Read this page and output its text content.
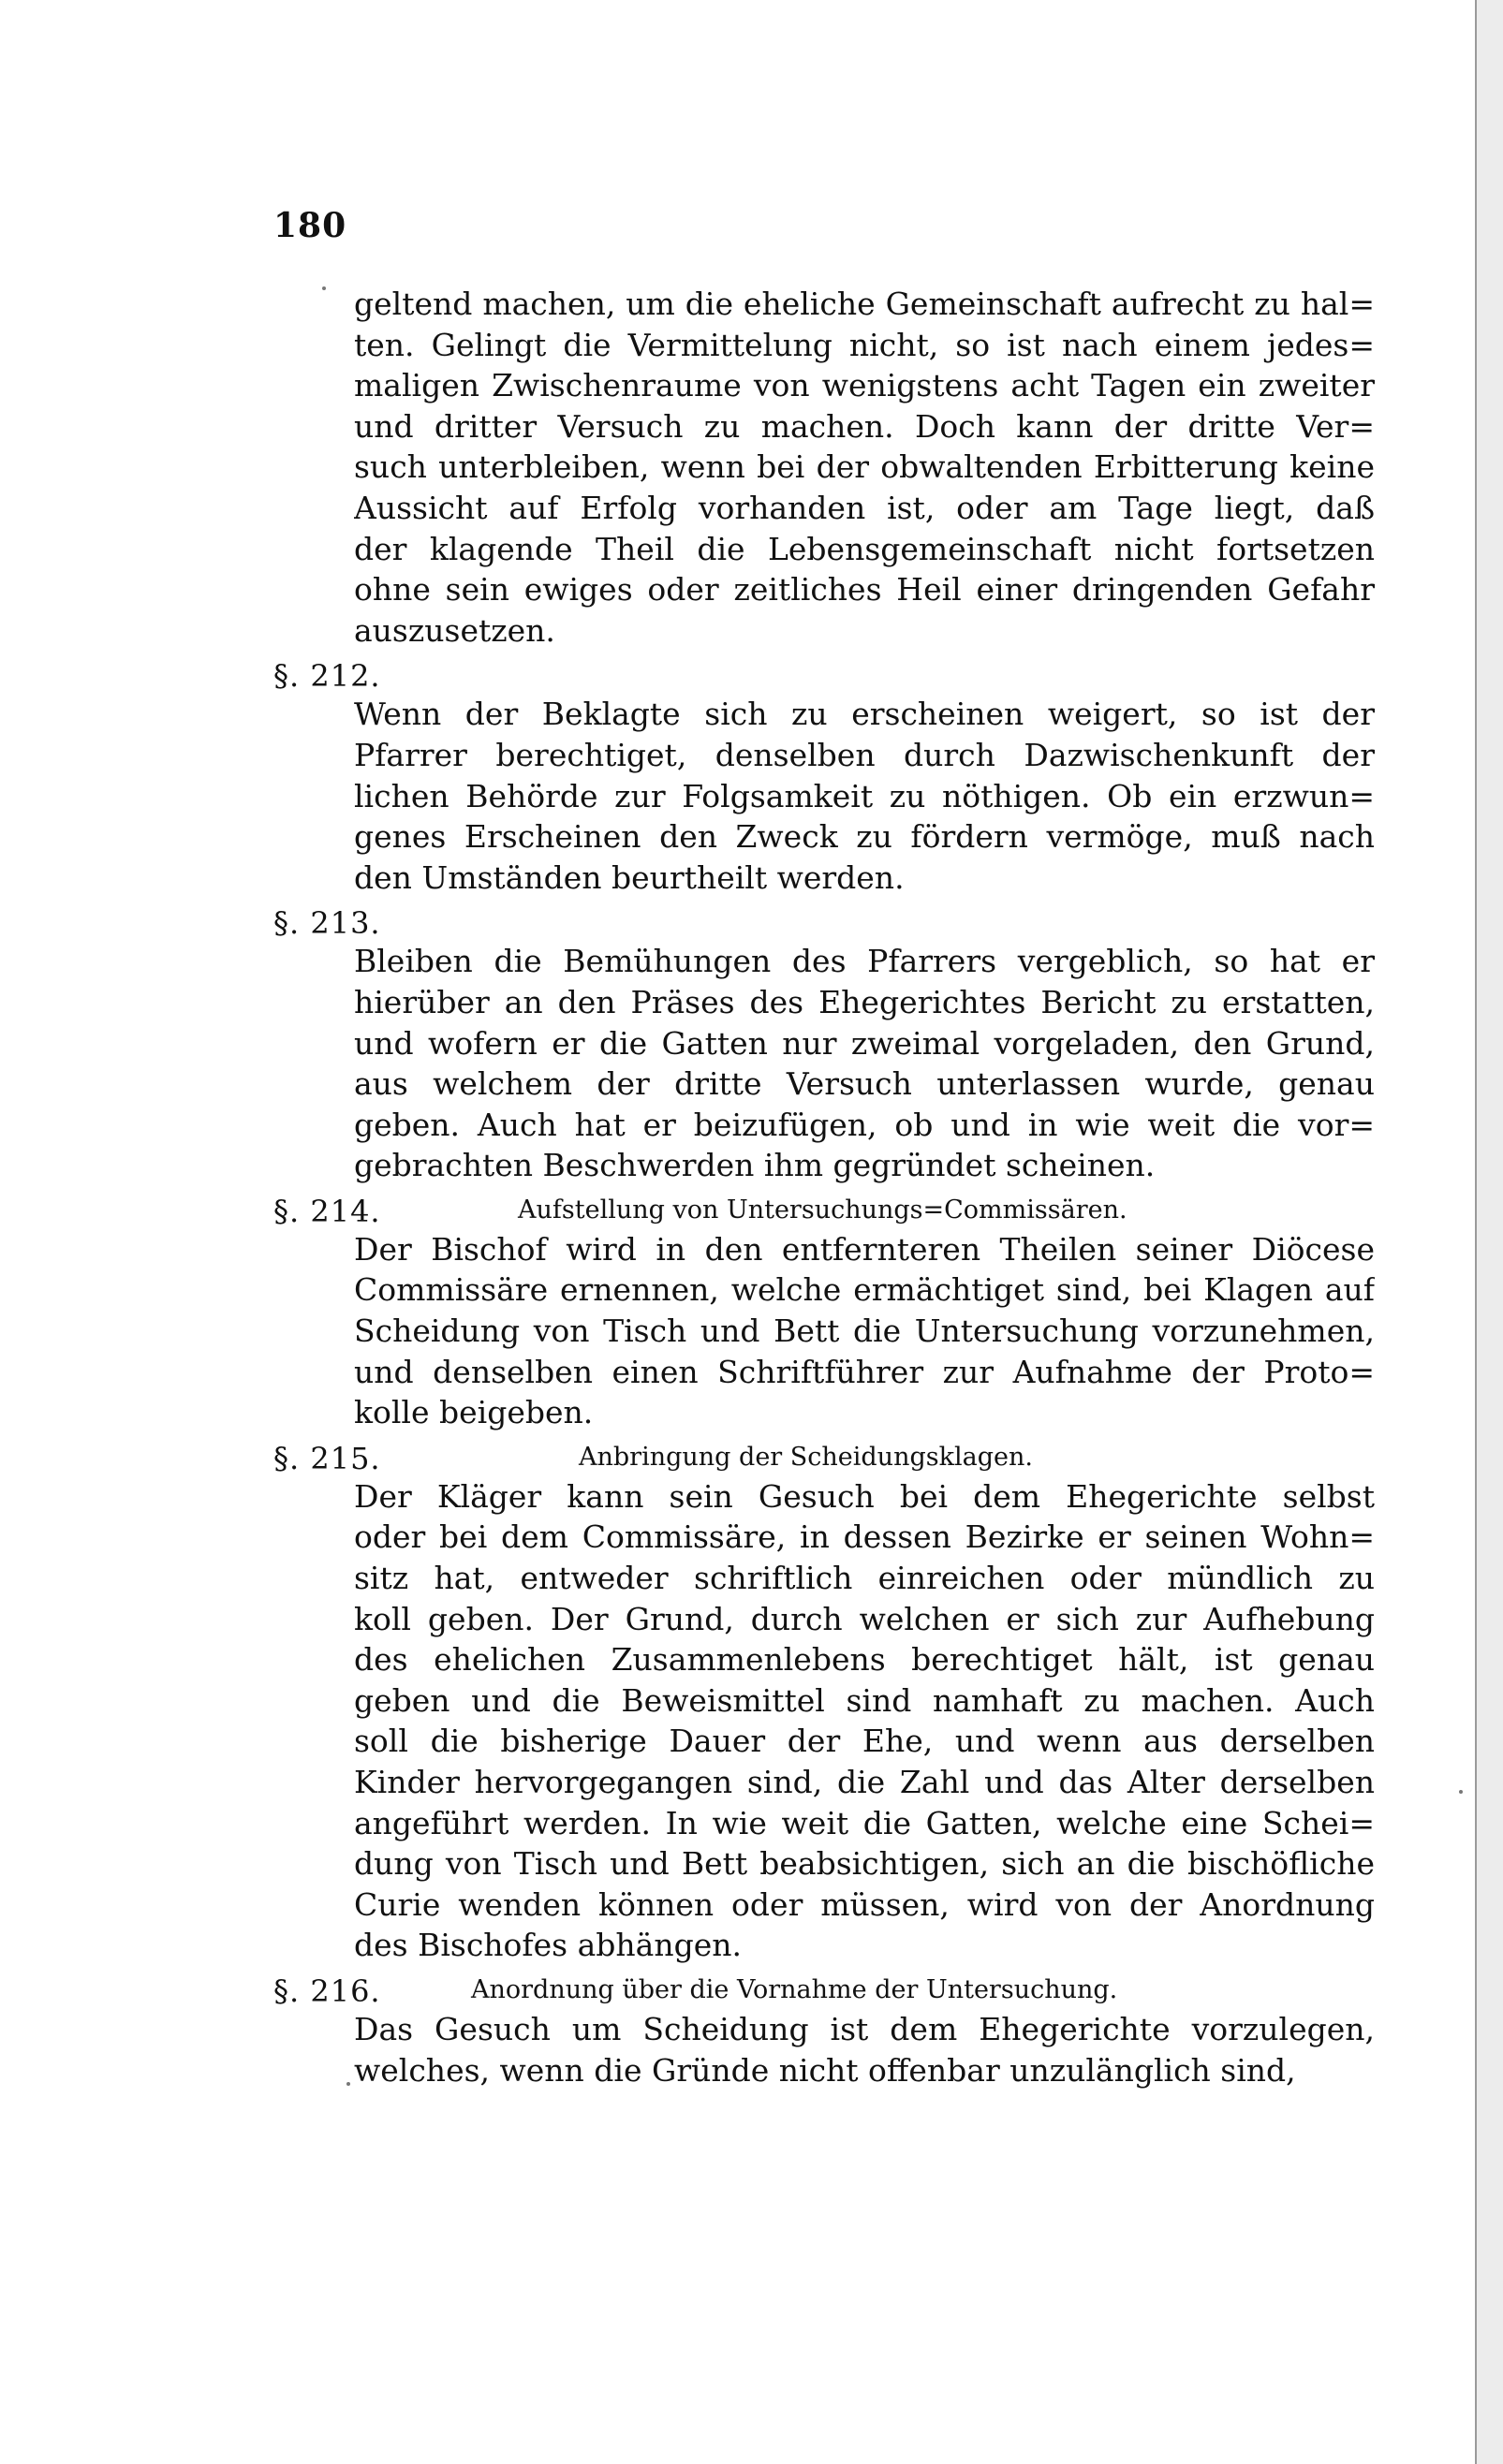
180
geltend machen, um die eheliche Gemeinschaft aufrecht zu hal=
ten. Gelingt die Vermittelung nicht, so ist nach einem jedes=
maligen Zwischenraume von wenigstens acht Tagen ein zweiter
und dritter Versuch zu machen. Doch kann der dritte Ver=
such unterbleiben, wenn bei der obwaltenden Erbitterung keine
Aussicht auf Erfolg vorhanden ist, oder am Tage liegt, daß
der klagende Theil die Lebensgemeinschaft nicht fortsetzen
ohne sein ewiges oder zeitliches Heil einer dringenden Gefahr
auszusetzen.
§. 212.
Wenn der Beklagte sich zu erscheinen weigert, so ist der
Pfarrer berechtiget, denselben durch Dazwischenkunft der
lichen Behörde zur Folgsamkeit zu nöthigen. Ob ein erzwun=
genes Erscheinen den Zweck zu fördern vermöge, muß nach
den Umständen beurtheilt werden.
§. 213.
Bleiben die Bemühungen des Pfarrers vergeblich, so hat er
hierüber an den Präses des Ehegerichtes Bericht zu erstatten,
und wofern er die Gatten nur zweimal vorgeladen, den Grund,
aus welchem der dritte Versuch unterlassen wurde, genau
geben. Auch hat er beizufügen, ob und in wie weit die vor=
gebrachten Beschwerden ihm gegründet scheinen.
§. 214.	Aufstellung von Untersuchungs=Commissären.
Der Bischof wird in den entfernteren Theilen seiner Diöcese
Commissäre ernennen, welche ermächtiget sind, bei Klagen auf
Scheidung von Tisch und Bett die Untersuchung vorzunehmen,
und denselben einen Schriftführer zur Aufnahme der Proto=
kolle beigeben.
§. 215.	Anbringung der Scheidungsklagen.
Der Kläger kann sein Gesuch bei dem Ehegerichte selbst
oder bei dem Commissäre, in dessen Bezirke er seinen Wohn=
sitz hat, entweder schriftlich einreichen oder mündlich zu
koll geben. Der Grund, durch welchen er sich zur Aufhebung
des ehelichen Zusammenlebens berechtiget hält, ist genau
geben und die Beweismittel sind namhaft zu machen. Auch
soll die bisherige Dauer der Ehe, und wenn aus derselben
Kinder hervorgegangen sind, die Zahl und das Alter derselben
angeführt werden. In wie weit die Gatten, welche eine Schei=
dung von Tisch und Bett beabsichtigen, sich an die bischöfliche
Curie wenden können oder müssen, wird von der Anordnung
des Bischofes abhängen.
§. 216.	Anordnung über die Vornahme der Untersuchung.
Das Gesuch um Scheidung ist dem Ehegerichte vorzulegen,
welches, wenn die Gründe nicht offenbar unzulänglich sind,
